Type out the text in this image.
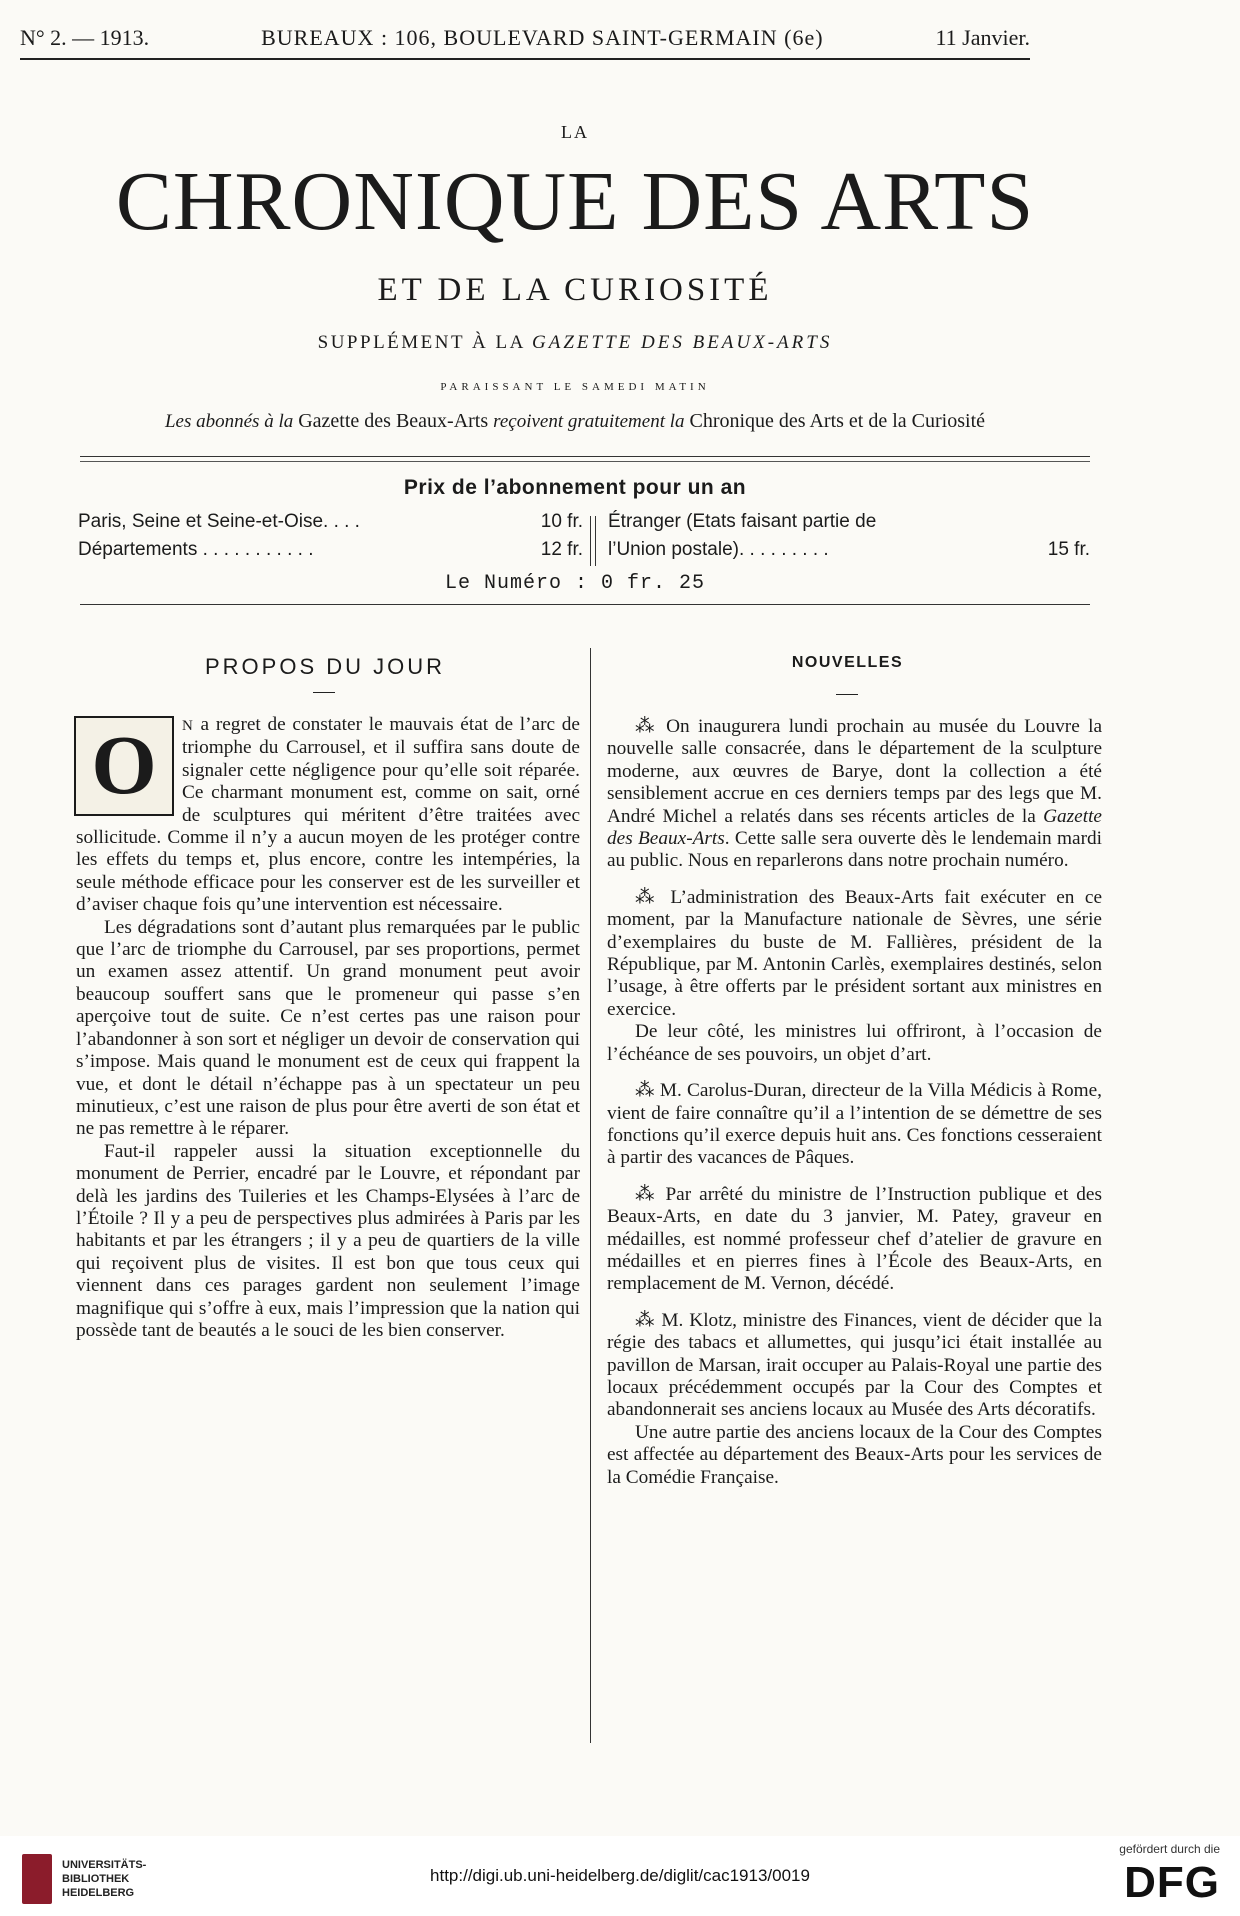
N° 2. — 1913.	BUREAUX : 106, BOULEVARD SAINT-GERMAIN (6e)	11 Janvier.
LA
CHRONIQUE DES ARTS
ET DE LA CURIOSITÉ
SUPPLÉMENT À LA GAZETTE DES BEAUX-ARTS
PARAISSANT LE SAMEDI MATIN
Les abonnés à la Gazette des Beaux-Arts reçoivent gratuitement la Chronique des Arts et de la Curiosité
Prix de l’abonnement pour un an
Paris, Seine et Seine-et-Oise. . . .	10 fr.
Départements . . . . . . . . . . .	12 fr.
Étranger (Etats faisant partie de
l’Union postale). . . . . . . . .	15 fr.
Le Numéro : 0 fr. 25
PROPOS DU JOUR	NOUVELLES

O N a regret de constater le mauvais état de l’arc de triomphe du Carrousel, et il suffira sans doute de signaler cette négligence pour qu’elle soit réparée. Ce charmant monument est, comme on sait, orné de sculptures qui méritent d’être traitées avec sollicitude. Comme il n’y a aucun moyen de les protéger contre les effets du temps et, plus encore, contre les intempéries, la seule méthode efficace pour les conserver est de les surveiller et d’aviser chaque fois qu’une intervention est nécessaire.

Les dégradations sont d’autant plus remarquées par le public que l’arc de triomphe du Carrousel, par ses proportions, permet un examen assez attentif. Un grand monument peut avoir beaucoup souffert sans que le promeneur qui passe s’en aperçoive tout de suite. Ce n’est certes pas une raison pour l’abandonner à son sort et négliger un devoir de conservation qui s’impose. Mais quand le monument est de ceux qui frappent la vue, et dont le détail n’échappe pas à un spectateur un peu minutieux, c’est une raison de plus pour être averti de son état et ne pas remettre à le réparer.

Faut-il rappeler aussi la situation exceptionnelle du monument de Perrier, encadré par le Louvre, et répondant par delà les jardins des Tuileries et les Champs-Elysées à l’arc de l’Étoile ? Il y a peu de perspectives plus admirées à Paris par les habitants et par les étrangers ; il y a peu de quartiers de la ville qui reçoivent plus de visites. Il est bon que tous ceux qui viennent dans ces parages gardent non seulement l’image magnifique qui s’offre à eux, mais l’impression que la nation qui possède tant de beautés a le souci de les bien conserver.

⁂ On inaugurera lundi prochain au musée du Louvre la nouvelle salle consacrée, dans le département de la sculpture moderne, aux œuvres de Barye, dont la collection a été sensiblement accrue en ces derniers temps par des legs que M. André Michel a relatés dans ses récents articles de la Gazette des Beaux-Arts. Cette salle sera ouverte dès le lendemain mardi au public. Nous en reparlerons dans notre prochain numéro.

⁂ L’administration des Beaux-Arts fait exécuter en ce moment, par la Manufacture nationale de Sèvres, une série d’exemplaires du buste de M. Fallières, président de la République, par M. Antonin Carlès, exemplaires destinés, selon l’usage, à être offerts par le président sortant aux ministres en exercice.

De leur côté, les ministres lui offriront, à l’occasion de l’échéance de ses pouvoirs, un objet d’art.

⁂ M. Carolus-Duran, directeur de la Villa Médicis à Rome, vient de faire connaître qu’il a l’intention de se démettre de ses fonctions qu’il exerce depuis huit ans. Ces fonctions cesseraient à partir des vacances de Pâques.

⁂ Par arrêté du ministre de l’Instruction publique et des Beaux-Arts, en date du 3 janvier, M. Patey, graveur en médailles, est nommé professeur chef d’atelier de gravure en médailles et en pierres fines à l’École des Beaux-Arts, en remplacement de M. Vernon, décédé.

⁂ M. Klotz, ministre des Finances, vient de décider que la régie des tabacs et allumettes, qui jusqu’ici était installée au pavillon de Marsan, irait occuper au Palais-Royal une partie des locaux précédemment occupés par la Cour des Comptes et abandonnerait ses anciens locaux au Musée des Arts décoratifs.

Une autre partie des anciens locaux de la Cour des Comptes est affectée au département des Beaux-Arts pour les services de la Comédie Française.

UNIVERSITÄTS-
BIBLIOTHEK
HEIDELBERG
http://digi.ub.uni-heidelberg.de/diglit/cac1913/0019
gefördert durch die
DFG
